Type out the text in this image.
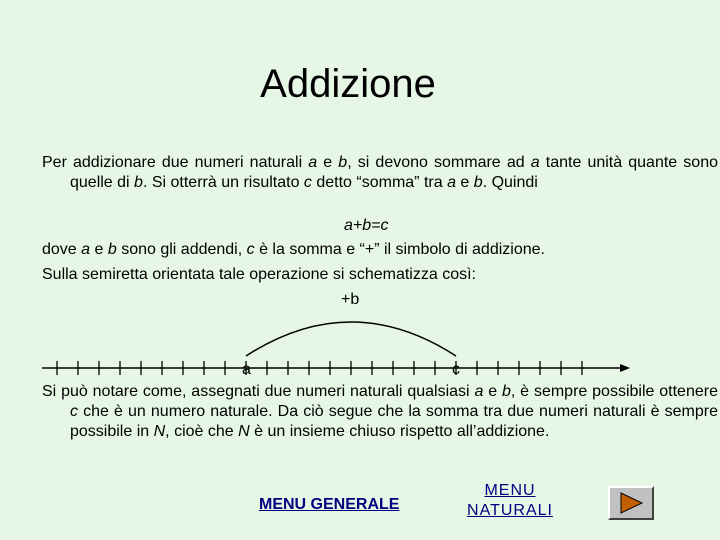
Addizione
Per addizionare due numeri naturali a e b, si devono sommare ad a tante unità quante sono quelle di b. Si otterrà un risultato c detto “somma” tra a e b. Quindi
a+b=c
dove a e b sono gli addendi, c è la somma e “+” il simbolo di addizione.
Sulla semiretta orientata tale operazione si schematizza così:
+b
a	c
Si può notare come, assegnati due numeri naturali qualsiasi a e b, è sempre possibile ottenere c che è un numero naturale. Da ciò segue che la somma tra due numeri naturali è sempre possibile in N, cioè che N è un insieme chiuso rispetto all’addizione.
MENU GENERALE
MENU
NATURALI
